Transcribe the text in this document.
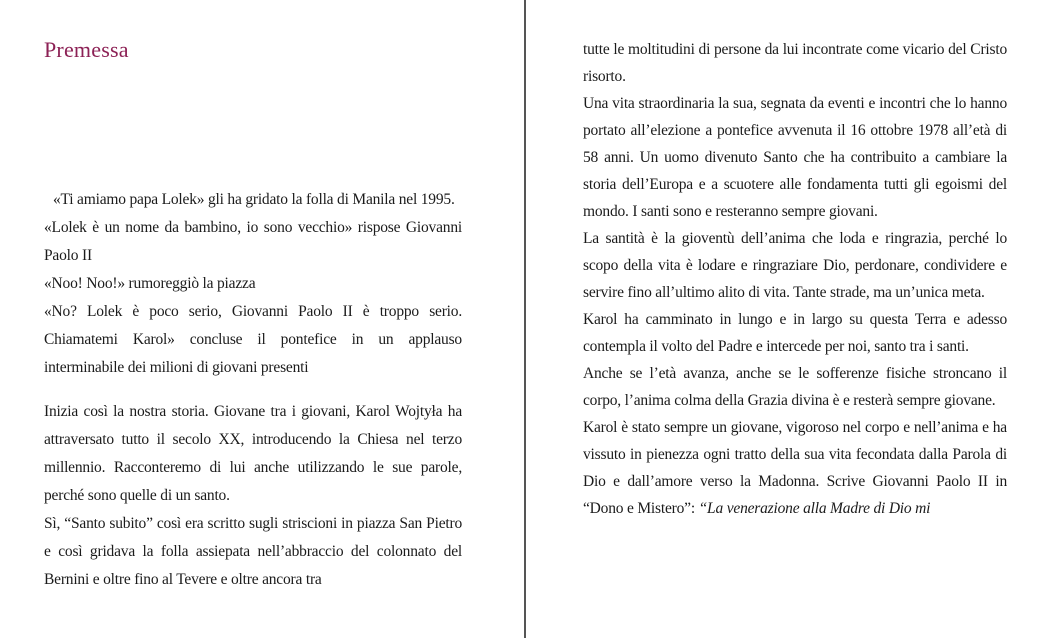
Premessa

«Ti amiamo papa Lolek» gli ha gridato la folla di Manila nel 1995.

«Lolek è un nome da bambino, io sono vecchio» rispose Giovanni Paolo II

«Noo! Noo!» rumoreggiò la piazza

«No? Lolek è poco serio, Giovanni Paolo II è troppo serio. Chiamatemi Karol» concluse il pontefice in un applauso interminabile dei milioni di giovani presenti

Inizia così la nostra storia. Giovane tra i giovani, Karol Wojtyła ha attraversato tutto il secolo XX, introducendo la Chiesa nel terzo millennio. Racconteremo di lui anche utilizzando le sue parole, perché sono quelle di un santo.

Sì, “Santo subito” così era scritto sugli striscioni in piazza San Pietro e così gridava la folla assiepata nell’abbraccio del colonnato del Bernini e oltre fino al Tevere e oltre ancora tra

tutte le moltitudini di persone da lui incontrate come vicario del Cristo risorto.

Una vita straordinaria la sua, segnata da eventi e incontri che lo hanno portato all’elezione a pontefice avvenuta il 16 ottobre 1978 all’età di 58 anni. Un uomo divenuto Santo che ha contribuito a cambiare la storia dell’Europa e a scuotere alle fondamenta tutti gli egoismi del mondo. I santi sono e resteranno sempre giovani.

La santità è la gioventù dell’anima che loda e ringrazia, perché lo scopo della vita è lodare e ringraziare Dio, perdonare, condividere e servire fino all’ultimo alito di vita. Tante strade, ma un’unica meta.

Karol ha camminato in lungo e in largo su questa Terra e adesso contempla il volto del Padre e intercede per noi, santo tra i santi.

Anche se l’età avanza, anche se le sofferenze fisiche stroncano il corpo, l’anima colma della Grazia divina è e resterà sempre giovane.

Karol è stato sempre un giovane, vigoroso nel corpo e nell’anima e ha vissuto in pienezza ogni tratto della sua vita fecondata dalla Parola di Dio e dall’amore verso la Madonna. Scrive Giovanni Paolo II in “Dono e Mistero”: “La venerazione alla Madre di Dio mi
